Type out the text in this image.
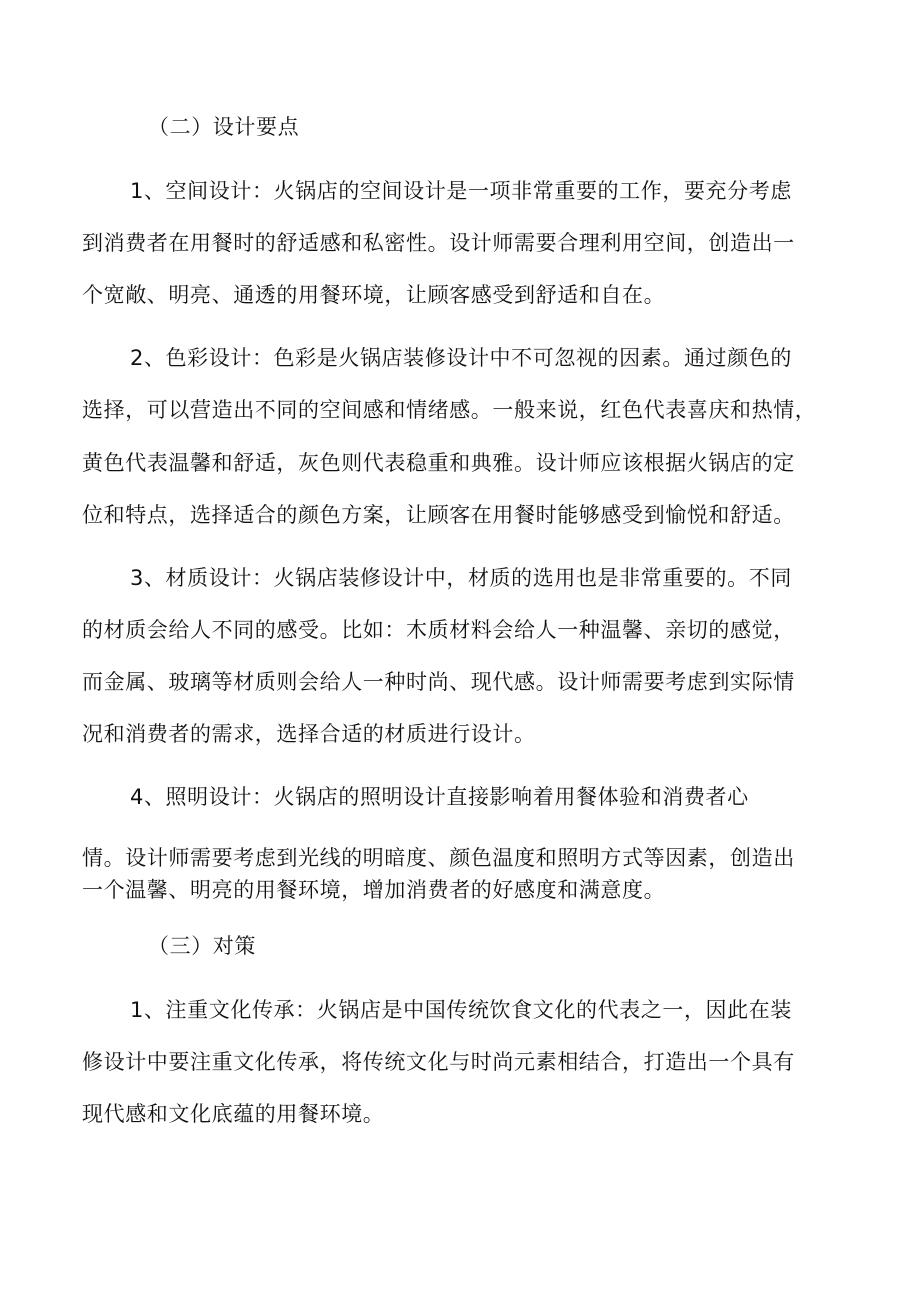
（二）设计要点
1、空间设计：火锅店的空间设计是一项非常重要的工作，要充分考虑
到消费者在用餐时的舒适感和私密性。设计师需要合理利用空间，创造出一
个宽敞、明亮、通透的用餐环境，让顾客感受到舒适和自在。
2、色彩设计：色彩是火锅店装修设计中不可忽视的因素。通过颜色的
选择，可以营造出不同的空间感和情绪感。一般来说，红色代表喜庆和热情，
黄色代表温馨和舒适，灰色则代表稳重和典雅。设计师应该根据火锅店的定
位和特点，选择适合的颜色方案，让顾客在用餐时能够感受到愉悦和舒适。
3、材质设计：火锅店装修设计中，材质的选用也是非常重要的。不同
的材质会给人不同的感受。比如：木质材料会给人一种温馨、亲切的感觉，
而金属、玻璃等材质则会给人一种时尚、现代感。设计师需要考虑到实际情
况和消费者的需求，选择合适的材质进行设计。
4、照明设计：火锅店的照明设计直接影响着用餐体验和消费者心
情。设计师需要考虑到光线的明暗度、颜色温度和照明方式等因素，创造出
一个温馨、明亮的用餐环境，增加消费者的好感度和满意度。
（三）对策
1、注重文化传承：火锅店是中国传统饮食文化的代表之一，因此在装
修设计中要注重文化传承，将传统文化与时尚元素相结合，打造出一个具有
现代感和文化底蕴的用餐环境。
